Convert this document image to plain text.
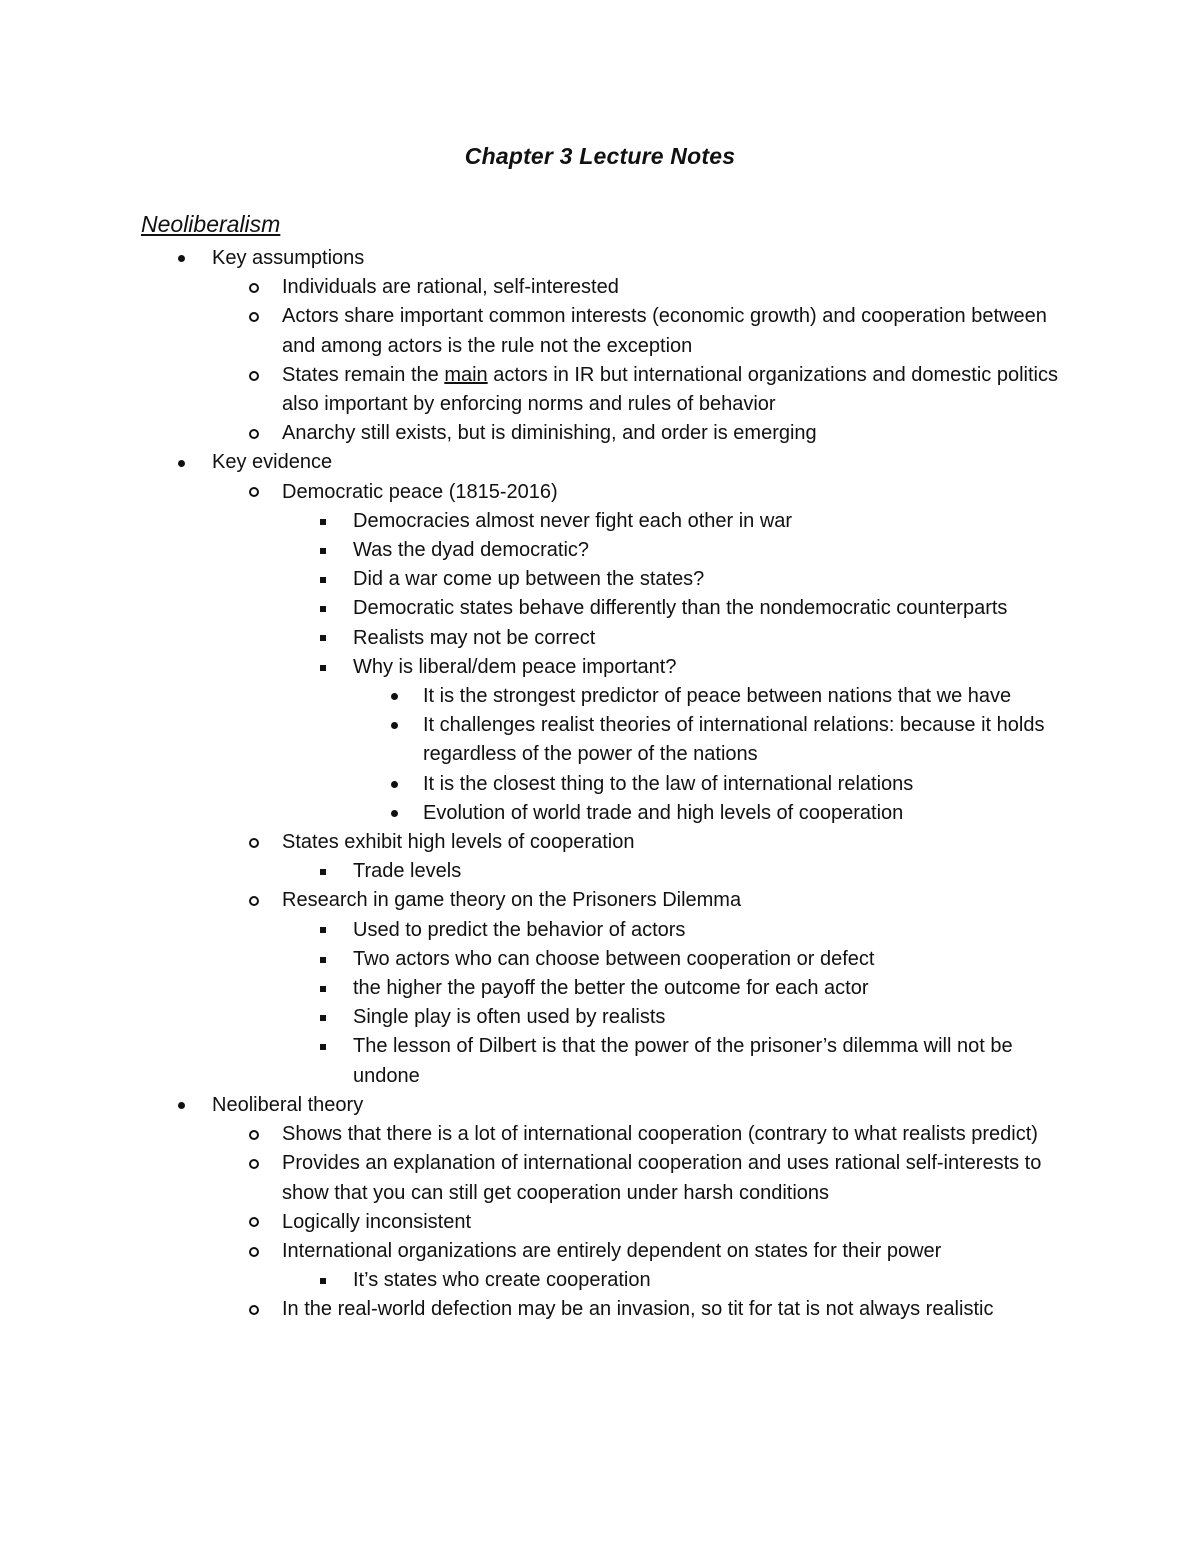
Chapter 3 Lecture Notes
Neoliberalism
Key assumptions
Individuals are rational, self-interested
Actors share important common interests (economic growth) and cooperation between and among actors is the rule not the exception
States remain the main actors in IR but international organizations and domestic politics also important by enforcing norms and rules of behavior
Anarchy still exists, but is diminishing, and order is emerging
Key evidence
Democratic peace (1815-2016)
Democracies almost never fight each other in war
Was the dyad democratic?
Did a war come up between the states?
Democratic states behave differently than the nondemocratic counterparts
Realists may not be correct
Why is liberal/dem peace important?
It is the strongest predictor of peace between nations that we have
It challenges realist theories of international relations: because it holds regardless of the power of the nations
It is the closest thing to the law of international relations
Evolution of world trade and high levels of cooperation
States exhibit high levels of cooperation
Trade levels
Research in game theory on the Prisoners Dilemma
Used to predict the behavior of actors
Two actors who can choose between cooperation or defect
the higher the payoff the better the outcome for each actor
Single play is often used by realists
The lesson of Dilbert is that the power of the prisoner’s dilemma will not be undone
Neoliberal theory
Shows that there is a lot of international cooperation (contrary to what realists predict)
Provides an explanation of international cooperation and uses rational self-interests to show that you can still get cooperation under harsh conditions
Logically inconsistent
International organizations are entirely dependent on states for their power
It’s states who create cooperation
In the real-world defection may be an invasion, so tit for tat is not always realistic
